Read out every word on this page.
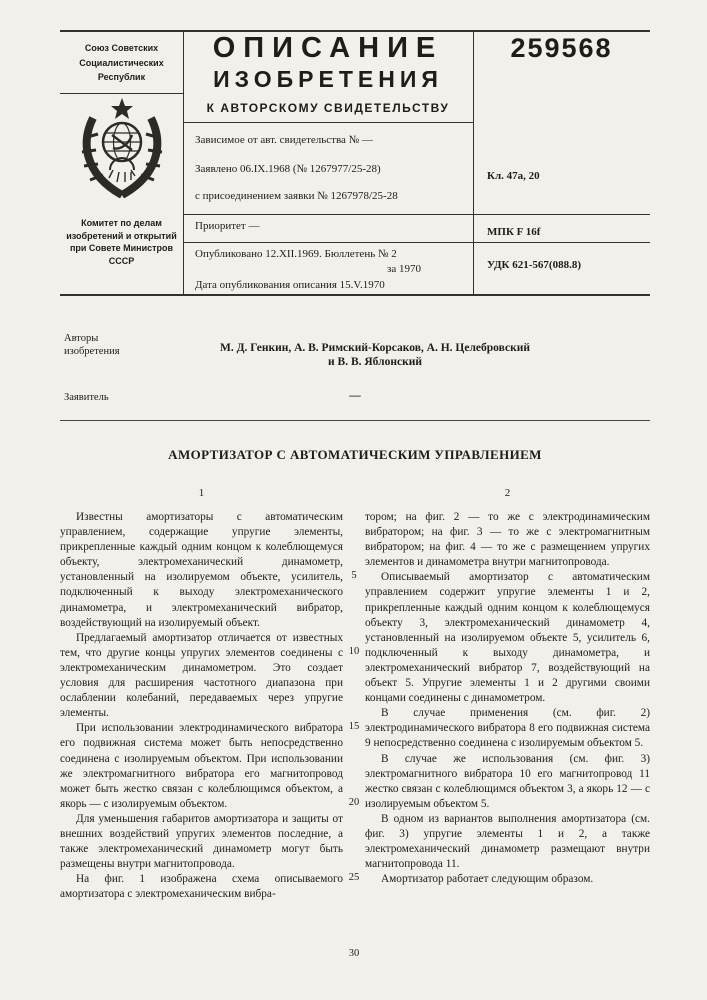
Союз Советских Социалистических Республик
Комитет по делам изобретений и открытий при Совете Министров СССР
ОПИСАНИЕ
ИЗОБРЕТЕНИЯ
К АВТОРСКОМУ СВИДЕТЕЛЬСТВУ
Зависимое от авт. свидетельства № —
Заявлено 06.IX.1968 (№ 1267977/25-28)
с присоединением заявки № 1267978/25-28
Приоритет —
Опубликовано 12.XII.1969. Бюллетень № 2
за 1970
Дата опубликования описания 15.V.1970
259568
Кл. 47а, 20
МПК F 16f
УДК 621-567(088.8)
Авторы
изобретения	М. Д. Генкин, А. В. Римский-Корсаков, А. Н. Целебровский
и В. В. Яблонский
Заявитель	—
АМОРТИЗАТОР С АВТОМАТИЧЕСКИМ УПРАВЛЕНИЕМ
1	2

Известны амортизаторы с автоматическим управлением, содержащие упругие элементы, прикрепленные каждый одним концом к колеблющемуся объекту, электромеханический динамометр, установленный на изолируемом объекте, усилитель, подключенный к выходу электромеханического динамометра, и электромеханический вибратор, воздействующий на изолируемый объект.

Предлагаемый амортизатор отличается от известных тем, что другие концы упругих элементов соединены с электромеханическим динамометром. Это создает условия для расширения частотного диапазона при ослаблении колебаний, передаваемых через упругие элементы.

При использовании электродинамического вибратора его подвижная система может быть непосредственно соединена с изолируемым объектом. При использовании же электромагнитного вибратора его магнитопровод может быть жестко связан с колеблющимся объектом, а якорь — с изолируемым объектом.

Для уменьшения габаритов амортизатора и защиты от внешних воздействий упругих элементов последние, а также электромеханический динамометр могут быть размещены внутри магнитопровода.

На фиг. 1 изображена схема описываемого амортизатора с электромеханическим вибра-

5
10
15
20
25
30

тором; на фиг. 2 — то же с электродинамическим вибратором; на фиг. 3 — то же с электромагнитным вибратором; на фиг. 4 — то же с размещением упругих элементов и динамометра внутри магнитопровода.

Описываемый амортизатор с автоматическим управлением содержит упругие элементы 1 и 2, прикрепленные каждый одним концом к колеблющемуся объекту 3, электромеханический динамометр 4, установленный на изолируемом объекте 5, усилитель 6, подключенный к выходу динамометра, и электромеханический вибратор 7, воздействующий на объект 5. Упругие элементы 1 и 2 другими своими концами соединены с динамометром.

В случае применения (см. фиг. 2) электродинамического вибратора 8 его подвижная система 9 непосредственно соединена с изолируемым объектом 5.

В случае же использования (см. фиг. 3) электромагнитного вибратора 10 его магнитопровод 11 жестко связан с колеблющимся объектом 3, а якорь 12 — с изолируемым объектом 5.

В одном из вариантов выполнения амортизатора (см. фиг. 3) упругие элементы 1 и 2, а также электромеханический динамометр размещают внутри магнитопровода 11.

Амортизатор работает следующим образом.
